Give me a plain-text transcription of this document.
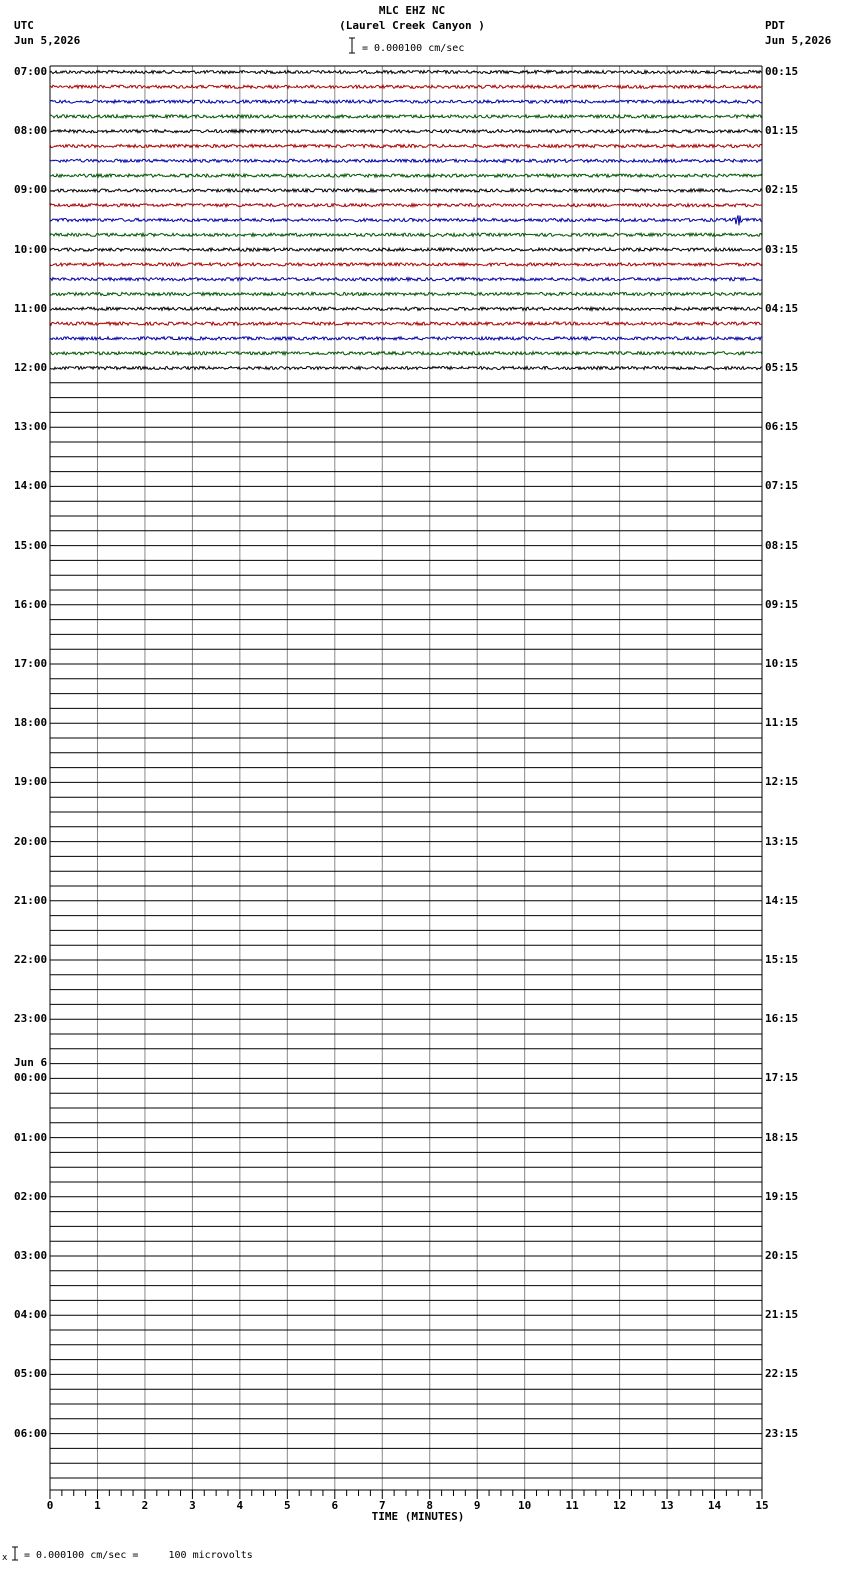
MLC EHZ NC
(Laurel Creek Canyon )
UTC
Jun 5,2026
PDT
Jun 5,2026
= 0.000100 cm/sec
0	1	2	3	4	5	6	7	8	9	10	11	12	13	14	15
07:00
08:00
09:00
10:00
11:00
12:00
13:00
14:00
15:00
16:00
17:00
18:00
19:00
20:00
21:00
22:00
23:00
00:00
Jun 6
01:00
02:00
03:00
04:00
05:00
06:00
00:15
01:15
02:15
03:15
04:15
05:15
06:15
07:15
08:15
09:15
10:15
11:15
12:15
13:15
14:15
15:15
16:15
17:15
18:15
19:15
20:15
21:15
22:15
23:15
TIME (MINUTES)
x = 0.000100 cm/sec =     100 microvolts
